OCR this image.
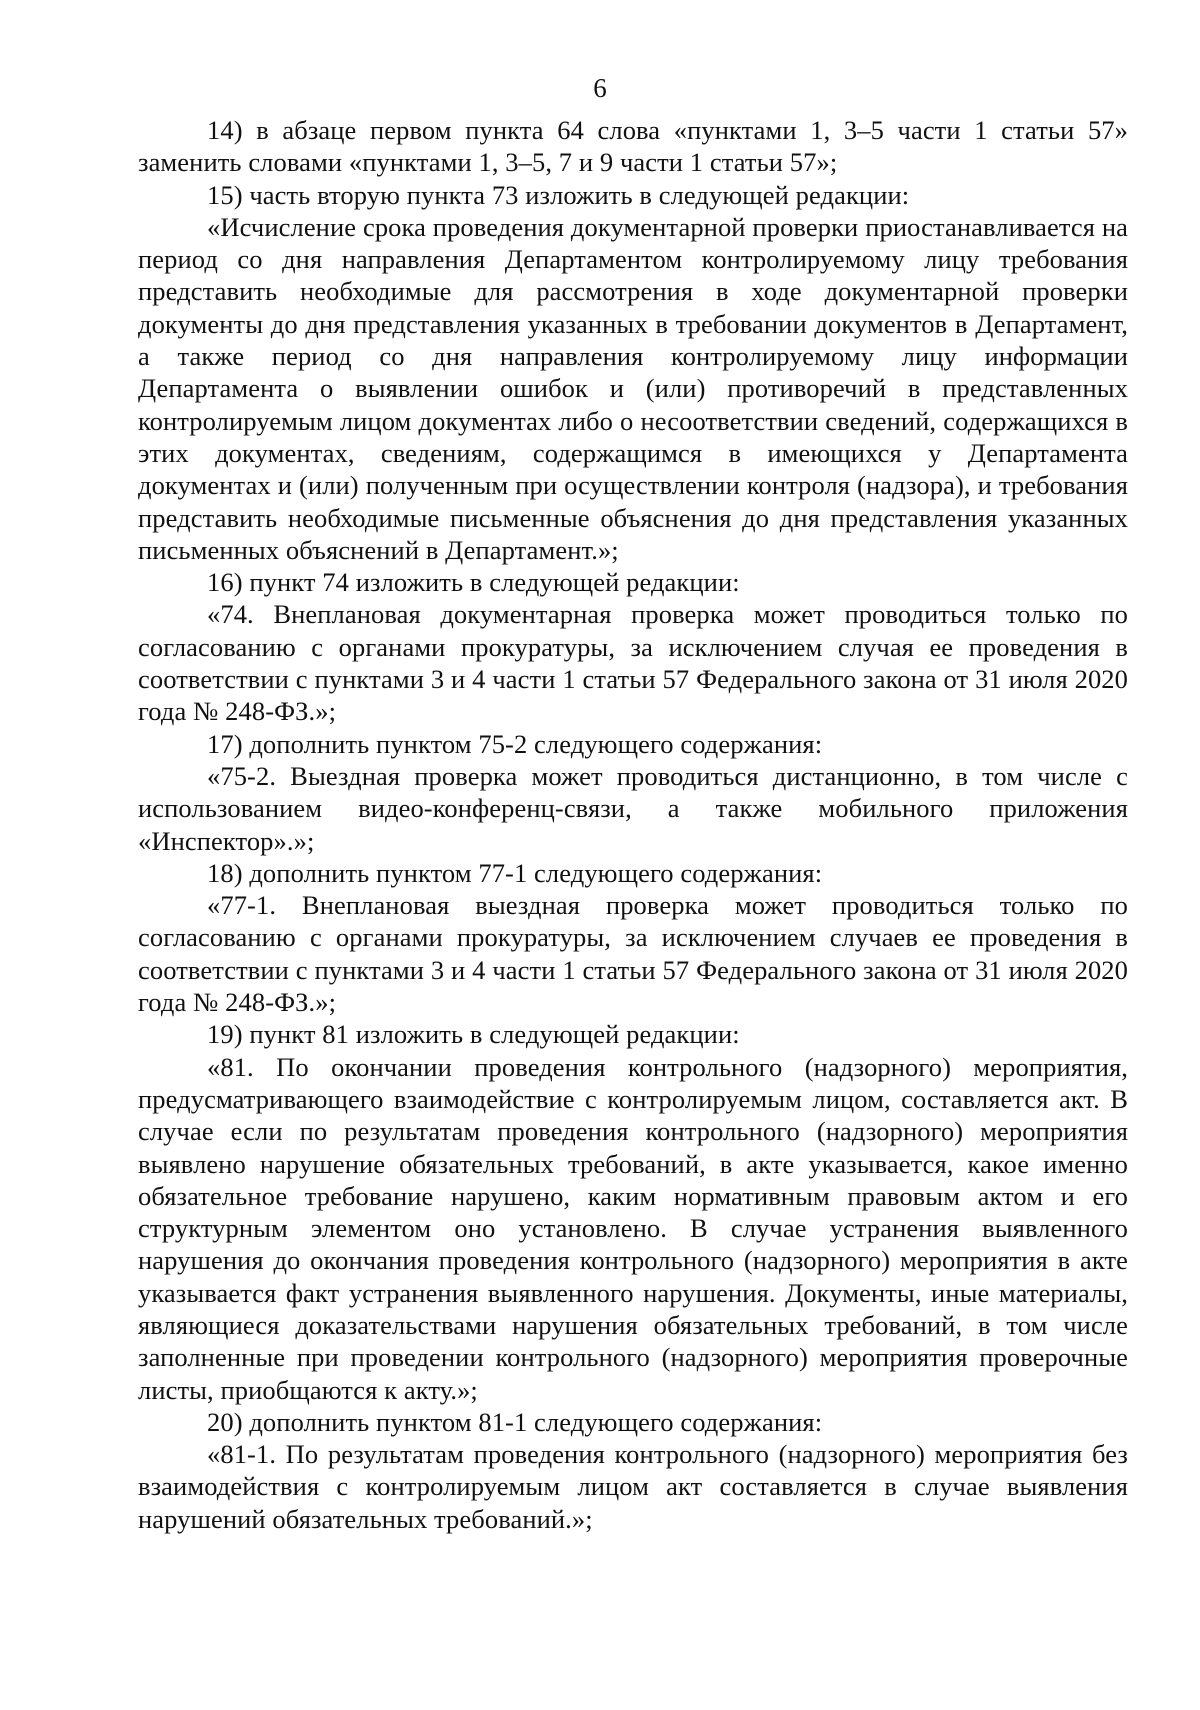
6

14) в абзаце первом пункта 64 слова «пунктами 1, 3–5 части 1 статьи 57» заменить словами «пунктами 1, 3–5, 7 и 9 части 1 статьи 57»;

15) часть вторую пункта 73 изложить в следующей редакции:

«Исчисление срока проведения документарной проверки приостанавливается на период со дня направления Департаментом контролируемому лицу требования представить необходимые для рассмотрения в ходе документарной проверки документы до дня представления указанных в требовании документов в Департамент, а также период со дня направления контролируемому лицу информации Департамента о выявлении ошибок и (или) противоречий в представленных контролируемым лицом документах либо о несоответствии сведений, содержащихся в этих документах, сведениям, содержащимся в имеющихся у Департамента документах и (или) полученным при осуществлении контроля (надзора), и требования представить необходимые письменные объяснения до дня представления указанных письменных объяснений в Департамент.»;

16) пункт 74 изложить в следующей редакции:

«74. Внеплановая документарная проверка может проводиться только по согласованию с органами прокуратуры, за исключением случая ее проведения в соответствии с пунктами 3 и 4 части 1 статьи 57 Федерального закона от 31 июля 2020 года № 248-ФЗ.»;

17) дополнить пунктом 75-2 следующего содержания:

«75-2. Выездная проверка может проводиться дистанционно, в том числе с использованием видео-конференц-связи, а также мобильного приложения «Инспектор».»;

18) дополнить пунктом 77-1 следующего содержания:

«77-1. Внеплановая выездная проверка может проводиться только по согласованию с органами прокуратуры, за исключением случаев ее проведения в соответствии с пунктами 3 и 4 части 1 статьи 57 Федерального закона от 31 июля 2020 года № 248-ФЗ.»;

19) пункт 81 изложить в следующей редакции:

«81. По окончании проведения контрольного (надзорного) мероприятия, предусматривающего взаимодействие с контролируемым лицом, составляется акт. В случае если по результатам проведения контрольного (надзорного) мероприятия выявлено нарушение обязательных требований, в акте указывается, какое именно обязательное требование нарушено, каким нормативным правовым актом и его структурным элементом оно установлено. В случае устранения выявленного нарушения до окончания проведения контрольного (надзорного) мероприятия в акте указывается факт устранения выявленного нарушения. Документы, иные материалы, являющиеся доказательствами нарушения обязательных требований, в том числе заполненные при проведении контрольного (надзорного) мероприятия проверочные листы, приобщаются к акту.»;

20) дополнить пунктом 81-1 следующего содержания:

«81-1. По результатам проведения контрольного (надзорного) мероприятия без взаимодействия с контролируемым лицом акт составляется в случае выявления нарушений обязательных требований.»;
